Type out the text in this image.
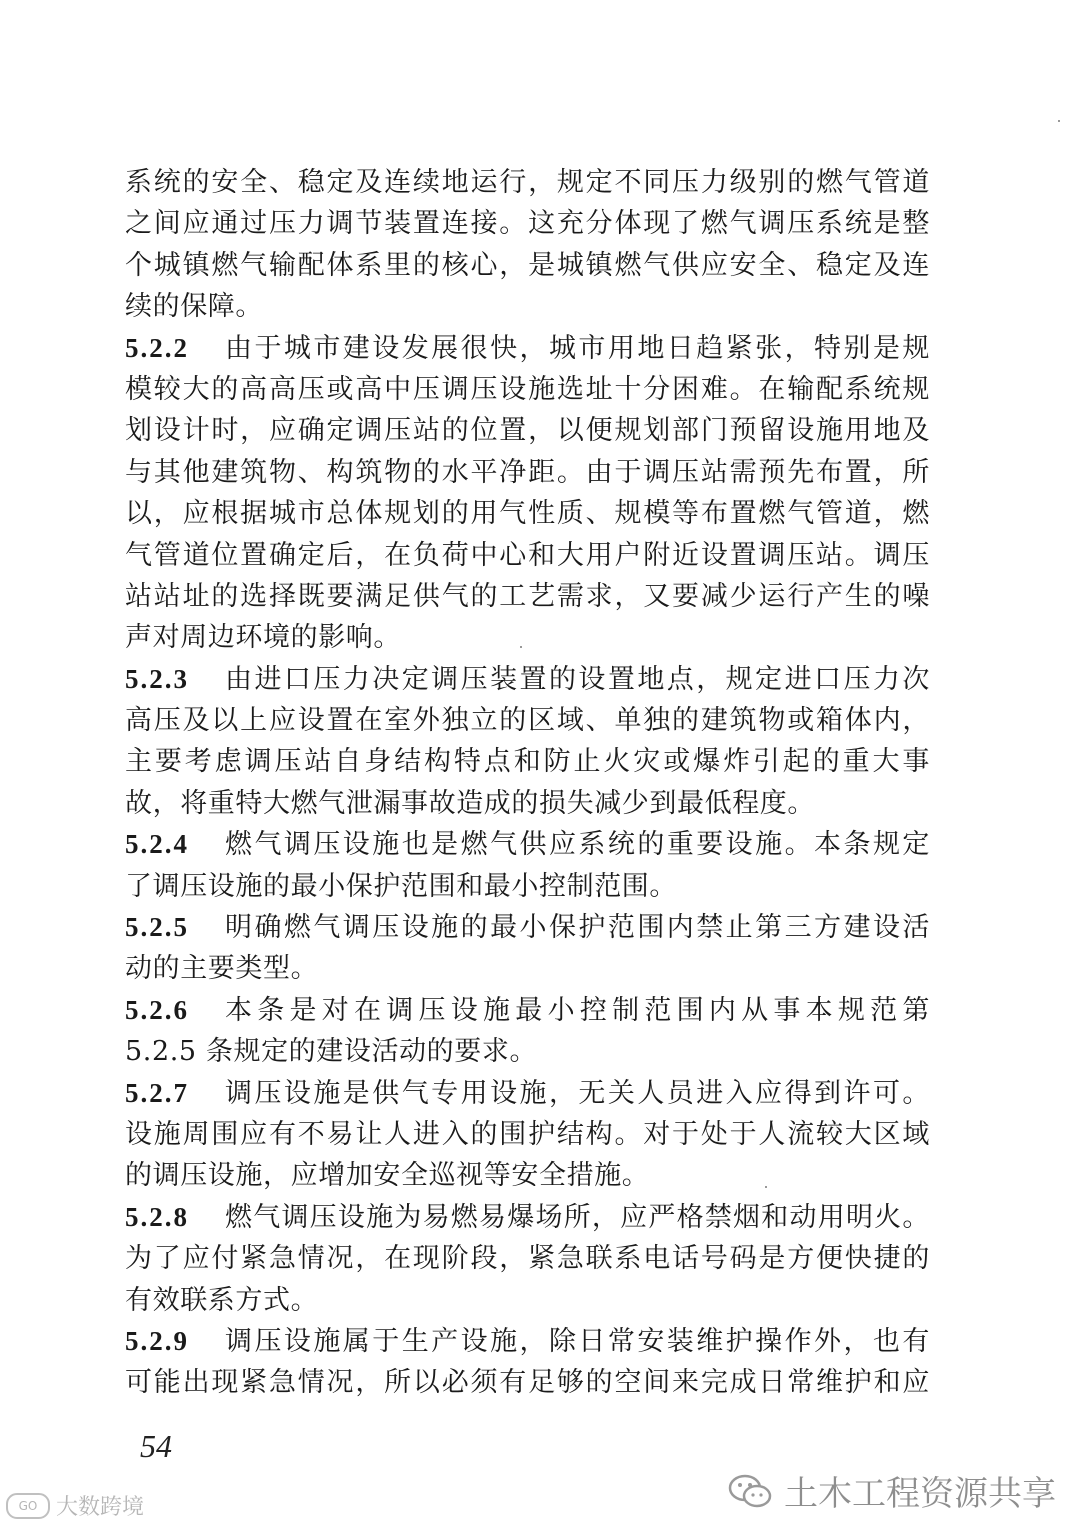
系统的安全、稳定及连续地运行，规定不同压力级别的燃气管道
之间应通过压力调节装置连接。这充分体现了燃气调压系统是整
个城镇燃气输配体系里的核心，是城镇燃气供应安全、稳定及连
续的保障。
5.2.2 由于城市建设发展很快，城市用地日趋紧张，特别是规
模较大的高高压或高中压调压设施选址十分困难。在输配系统规
划设计时，应确定调压站的位置，以便规划部门预留设施用地及
与其他建筑物、构筑物的水平净距。由于调压站需预先布置，所
以，应根据城市总体规划的用气性质、规模等布置燃气管道，燃
气管道位置确定后，在负荷中心和大用户附近设置调压站。调压
站站址的选择既要满足供气的工艺需求，又要减少运行产生的噪
声对周边环境的影响。
5.2.3 由进口压力决定调压装置的设置地点，规定进口压力次
高压及以上应设置在室外独立的区域、单独的建筑物或箱体内，
主要考虑调压站自身结构特点和防止火灾或爆炸引起的重大事
故，将重特大燃气泄漏事故造成的损失减少到最低程度。
5.2.4 燃气调压设施也是燃气供应系统的重要设施。本条规定
了调压设施的最小保护范围和最小控制范围。
5.2.5 明确燃气调压设施的最小保护范围内禁止第三方建设活
动的主要类型。
5.2.6 本条是对在调压设施最小控制范围内从事本规范第
5.2.5 条规定的建设活动的要求。
5.2.7 调压设施是供气专用设施，无关人员进入应得到许可。
设施周围应有不易让人进入的围护结构。对于处于人流较大区域
的调压设施，应增加安全巡视等安全措施。
5.2.8 燃气调压设施为易燃易爆场所，应严格禁烟和动用明火。
为了应付紧急情况，在现阶段，紧急联系电话号码是方便快捷的
有效联系方式。
5.2.9 调压设施属于生产设施，除日常安装维护操作外，也有
可能出现紧急情况，所以必须有足够的空间来完成日常维护和应
54
GO 大数跨境	土木工程资源共享
